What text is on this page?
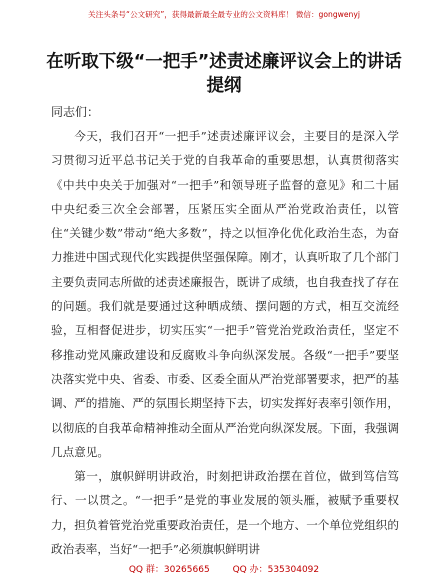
关注头条号“公文研究”，获得最新最全最专业的公文资料库！ 微信：gongwenyj
在听取下级“一把手”述责述廉评议会上的讲话提纲
同志们：

今天，我们召开“一把手”述责述廉评议会，主要目的是深入学习贯彻习近平总书记关于党的自我革命的重要思想，认真贯彻落实《中共中央关于加强对“一把手”和领导班子监督的意见》和二十届中央纪委三次全会部署，压紧压实全面从严治党政治责任，以管住“关键少数”带动“绝大多数”，持之以恒净化优化政治生态，为奋力推进中国式现代化实践提供坚强保障。刚才，认真听取了几个部门主要负责同志所做的述责述廉报告，既讲了成绩，也自我查找了存在的问题。我们就是要通过这种晒成绩、摆问题的方式，相互交流经验，互相督促进步，切实压实“一把手”管党治党政治责任，坚定不移推动党风廉政建设和反腐败斗争向纵深发展。各级“一把手”要坚决落实党中央、省委、市委、区委全面从严治党部署要求，把严的基调、严的措施、严的氛围长期坚持下去，切实发挥好表率引领作用，以彻底的自我革命精神推动全面从严治党向纵深发展。下面，我强调几点意见。

第一，旗帜鲜明讲政治，时刻把讲政治摆在首位，做到笃信笃行、一以贯之。“一把手”是党的事业发展的领头雁，被赋予重要权力，担负着管党治党重要政治责任，是一个地方、一个单位党组织的政治表率，当好“一把手”必须旗帜鲜明讲

QQ 群：30265665	QQ 办：535304092
